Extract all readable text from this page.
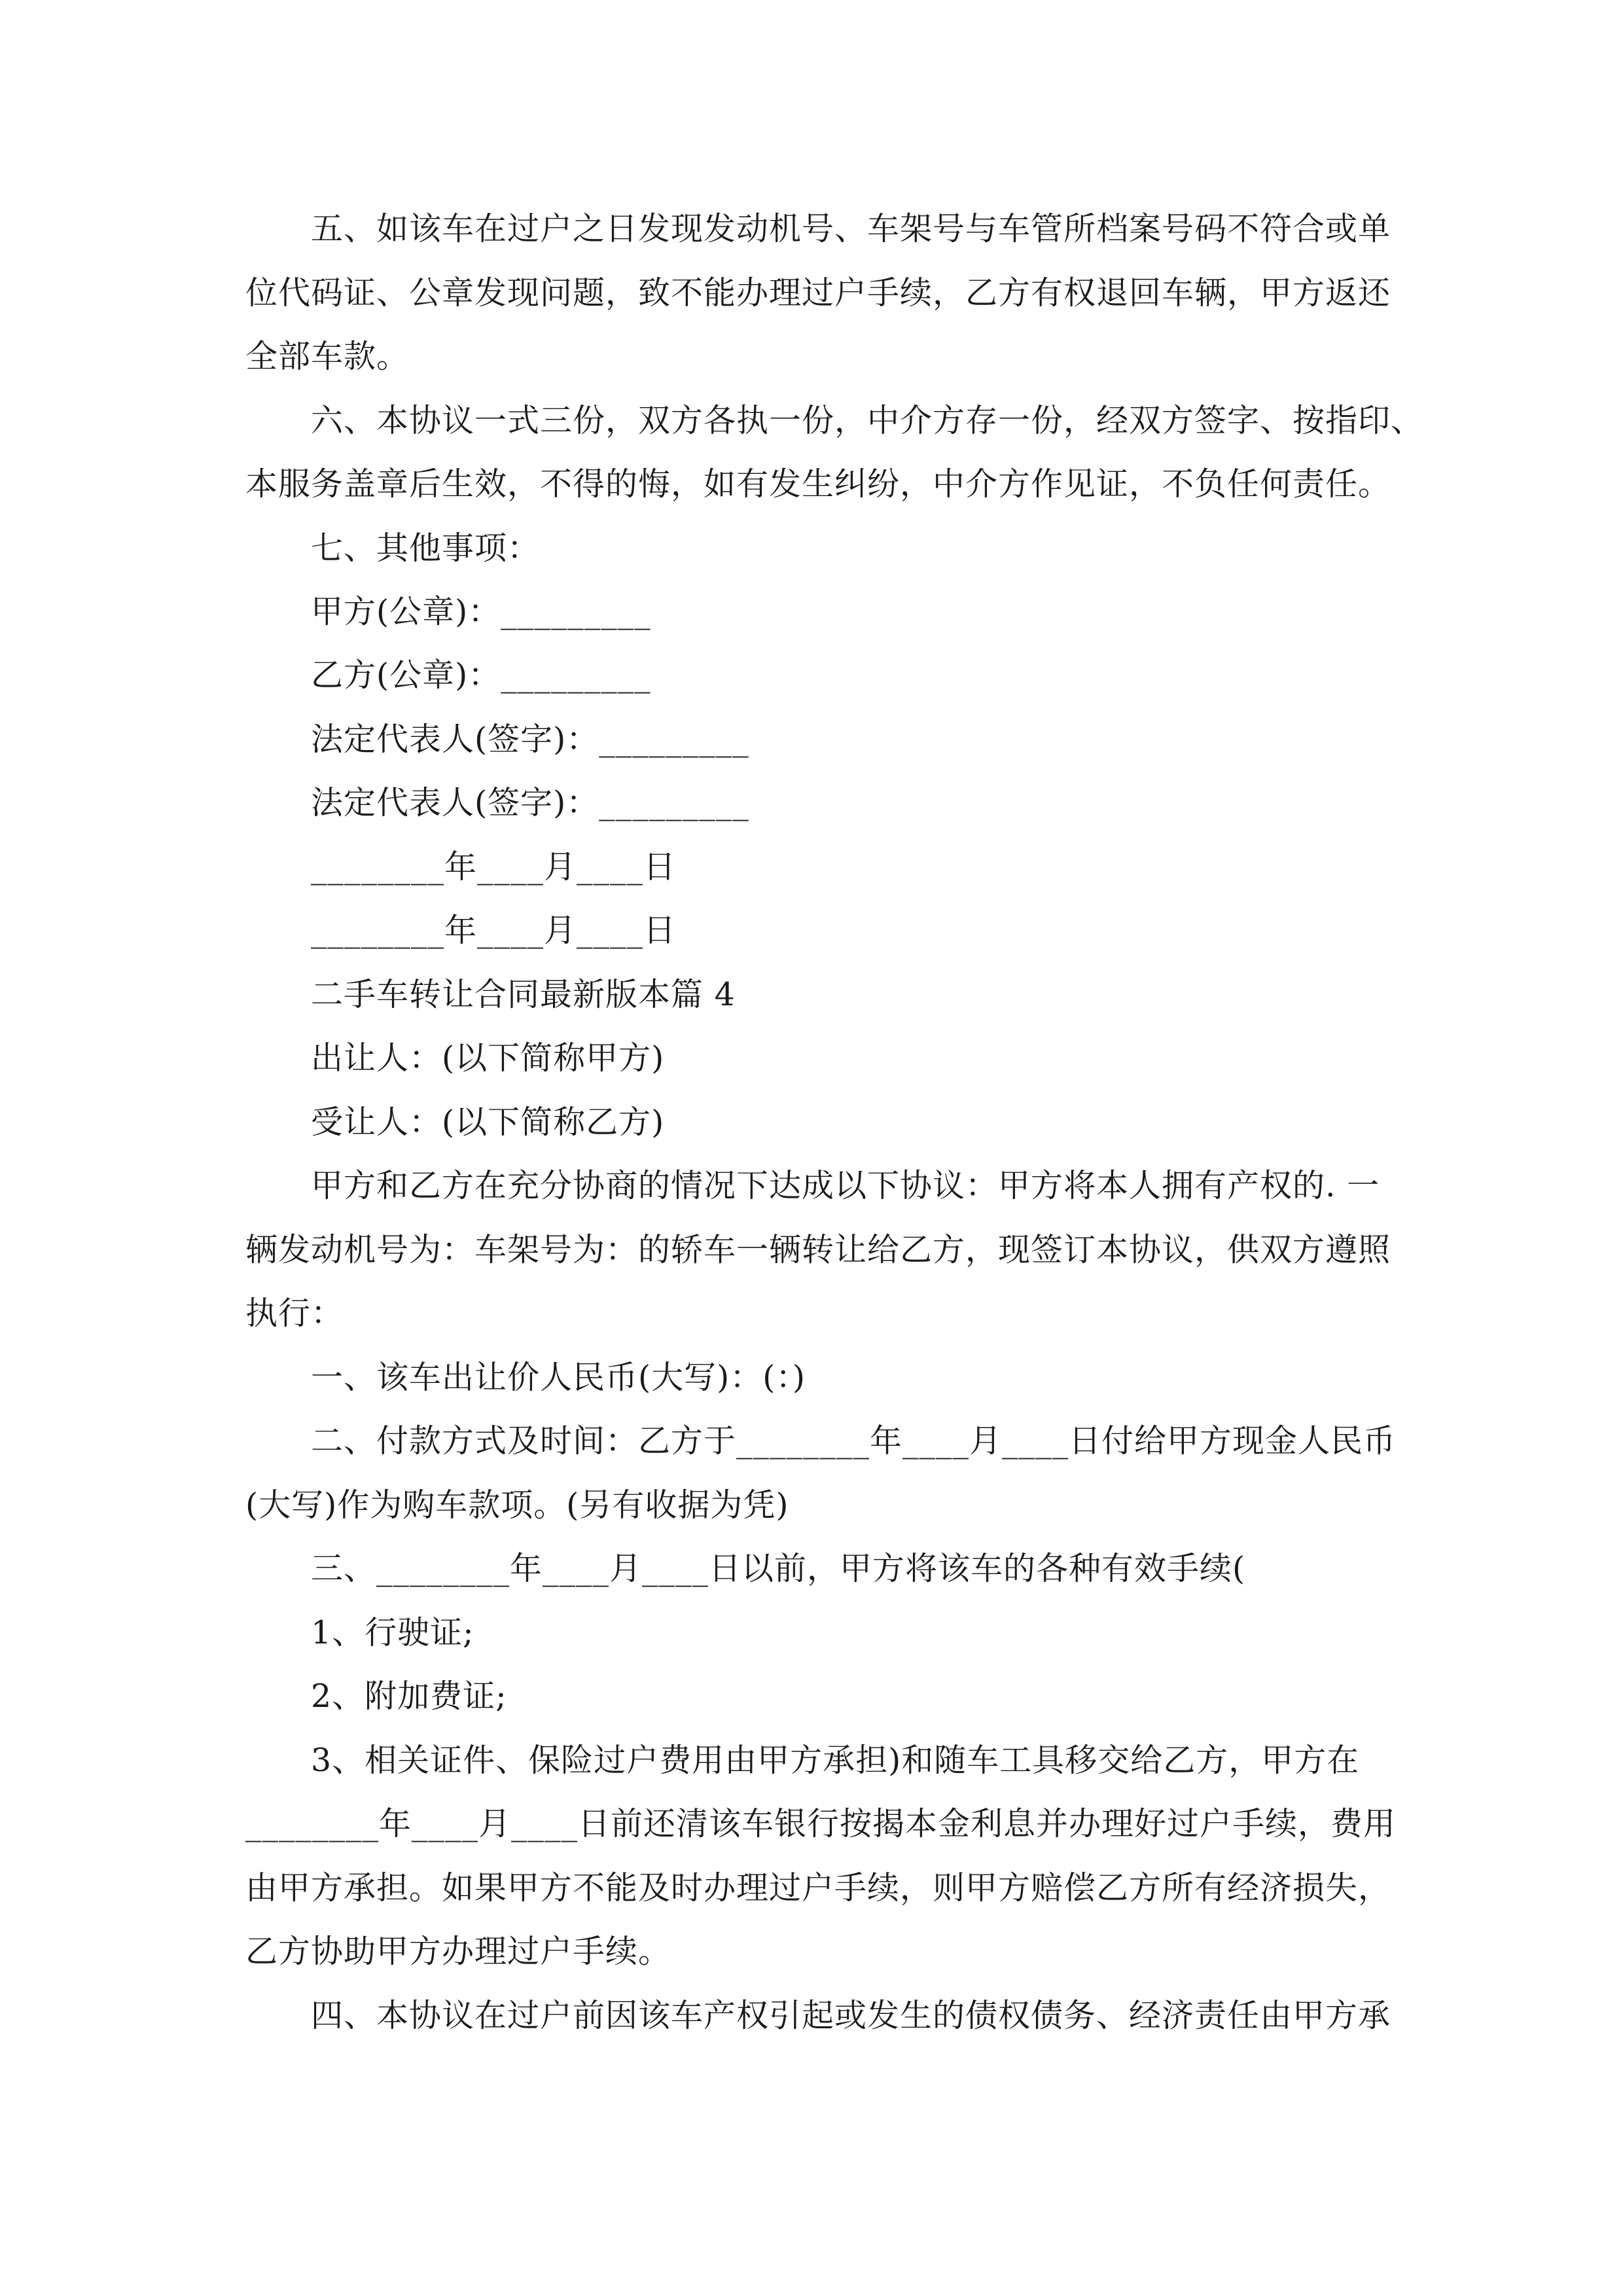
五、如该车在过户之日发现发动机号、车架号与车管所档案号码不符合或单
位代码证、公章发现问题，致不能办理过户手续，乙方有权退回车辆，甲方返还
全部车款。
六、本协议一式三份，双方各执一份，中介方存一份，经双方签字、按指印、
本服务盖章后生效，不得的悔，如有发生纠纷，中介方作见证，不负任何责任。
七、其他事项：
甲方(公章)：_________
乙方(公章)：_________
法定代表人(签字)：_________
法定代表人(签字)：_________
________年____月____日
________年____月____日
二手车转让合同最新版本篇 4
出让人：(以下简称甲方)
受让人：(以下简称乙方)
甲方和乙方在充分协商的情况下达成以下协议：甲方将本人拥有产权的. 一
辆发动机号为：车架号为：的轿车一辆转让给乙方，现签订本协议，供双方遵照
执行：
一、该车出让价人民币(大写)：(：)
二、付款方式及时间：乙方于________年____月____日付给甲方现金人民币
(大写)作为购车款项。(另有收据为凭)
三、________年____月____日以前，甲方将该车的各种有效手续(
1、行驶证;
2、附加费证;
3、相关证件、保险过户费用由甲方承担)和随车工具移交给乙方，甲方在
________年____月____日前还清该车银行按揭本金利息并办理好过户手续，费用
由甲方承担。如果甲方不能及时办理过户手续，则甲方赔偿乙方所有经济损失，
乙方协助甲方办理过户手续。
四、本协议在过户前因该车产权引起或发生的债权债务、经济责任由甲方承
